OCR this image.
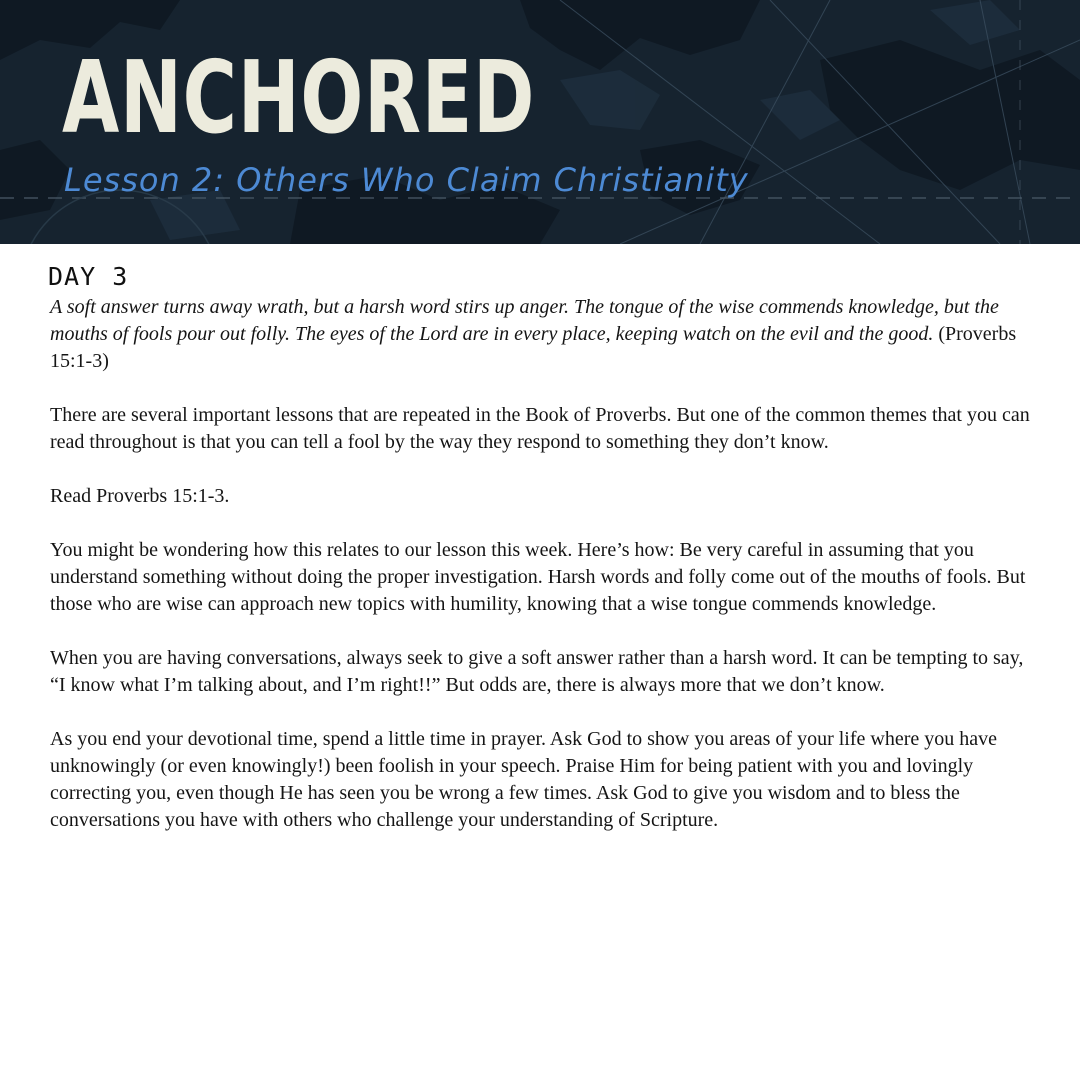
ANCHORED
Lesson 2: Others Who Claim Christianity
DAY 3

A soft answer turns away wrath, but a harsh word stirs up anger. The tongue of the wise commends knowledge, but the mouths of fools pour out folly. The eyes of the Lord are in every place, keeping watch on the evil and the good. (Proverbs 15:1-3)

There are several important lessons that are repeated in the Book of Proverbs. But one of the common themes that you can read throughout is that you can tell a fool by the way they respond to something they don’t know.

Read Proverbs 15:1-3.

You might be wondering how this relates to our lesson this week. Here’s how: Be very careful in assuming that you understand something without doing the proper investigation. Harsh words and folly come out of the mouths of fools. But those who are wise can approach new topics with humility, knowing that a wise tongue commends knowledge.

When you are having conversations, always seek to give a soft answer rather than a harsh word. It can be tempting to say, “I know what I’m talking about, and I’m right!!” But odds are, there is always more that we don’t know.

As you end your devotional time, spend a little time in prayer. Ask God to show you areas of your life where you have unknowingly (or even knowingly!) been foolish in your speech. Praise Him for being patient with you and lovingly correcting you, even though He has seen you be wrong a few times. Ask God to give you wisdom and to bless the conversations you have with others who challenge your understanding of Scripture.
